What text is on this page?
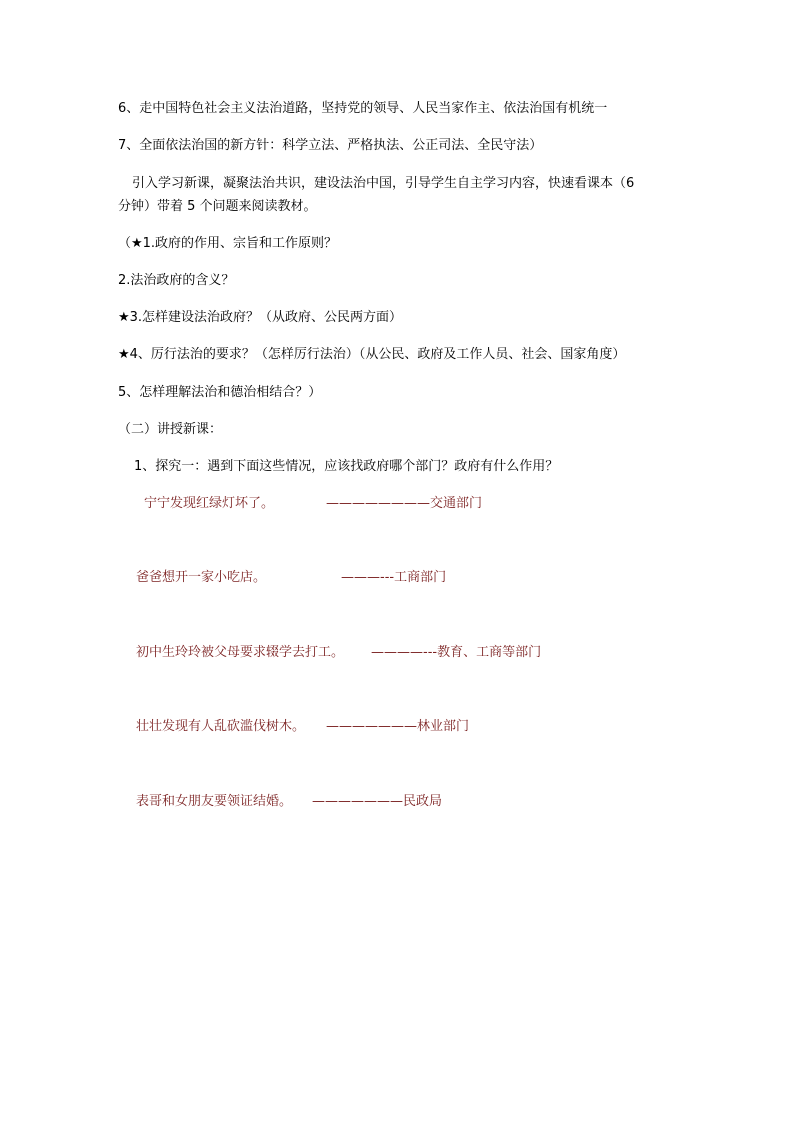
6、走中国特色社会主义法治道路，坚持党的领导、人民当家作主、依法治国有机统一
7、全面依法治国的新方针：科学立法、严格执法、公正司法、全民守法）
引入学习新课，凝聚法治共识，建设法治中国，引导学生自主学习内容，快速看课本（6
分钟）带着 5 个问题来阅读教材。
（★1.政府的作用、宗旨和工作原则？
2.法治政府的含义？
★3.怎样建设法治政府？（从政府、公民两方面）
★4、厉行法治的要求？（怎样厉行法治）（从公民、政府及工作人员、社会、国家角度）
5、怎样理解法治和德治相结合？）
（二）讲授新课：
1、探究一：遇到下面这些情况，应该找政府哪个部门？政府有什么作用？
宁宁发现红绿灯坏了。	————————交通部门
爸爸想开一家小吃店。	———---工商部门
初中生玲玲被父母要求辍学去打工。 ————---教育、工商等部门
壮壮发现有人乱砍滥伐树木。 ———————林业部门
表哥和女朋友要领证结婚。 ———————民政局
